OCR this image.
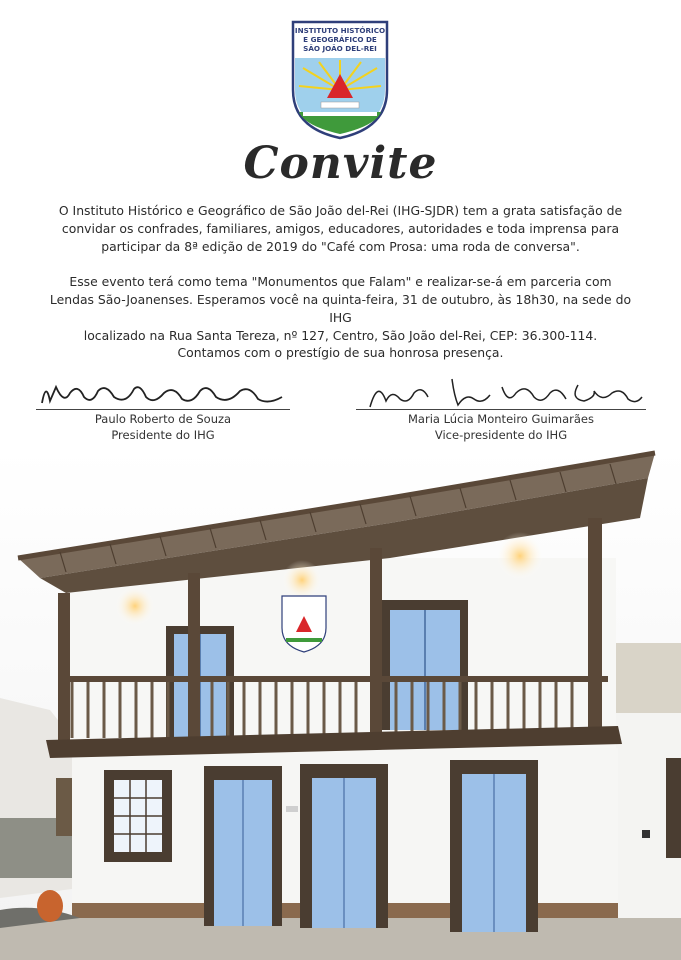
INSTITUTO HISTÓRICO
E GEOGRÁFICO DE
SÃO JOÃO DEL-REI
Convite

O Instituto Histórico e Geográfico de São João del-Rei (IHG-SJDR) tem a grata satisfação de
convidar os confrades, familiares, amigos, educadores, autoridades e toda imprensa para
participar da 8ª edição de 2019 do "Café com Prosa: uma roda de conversa".

Esse evento terá como tema "Monumentos que Falam" e realizar-se-á em parceria com
Lendas São-Joanenses. Esperamos você na quinta-feira, 31 de outubro, às 18h30, na sede do IHG
localizado na Rua Santa Tereza, nº 127, Centro, São João del-Rei, CEP: 36.300-114.

Contamos com o prestígio de sua honrosa presença.

Paulo Roberto de Souza
Presidente do IHG
Maria Lúcia Monteiro Guimarães
Vice-presidente do IHG
